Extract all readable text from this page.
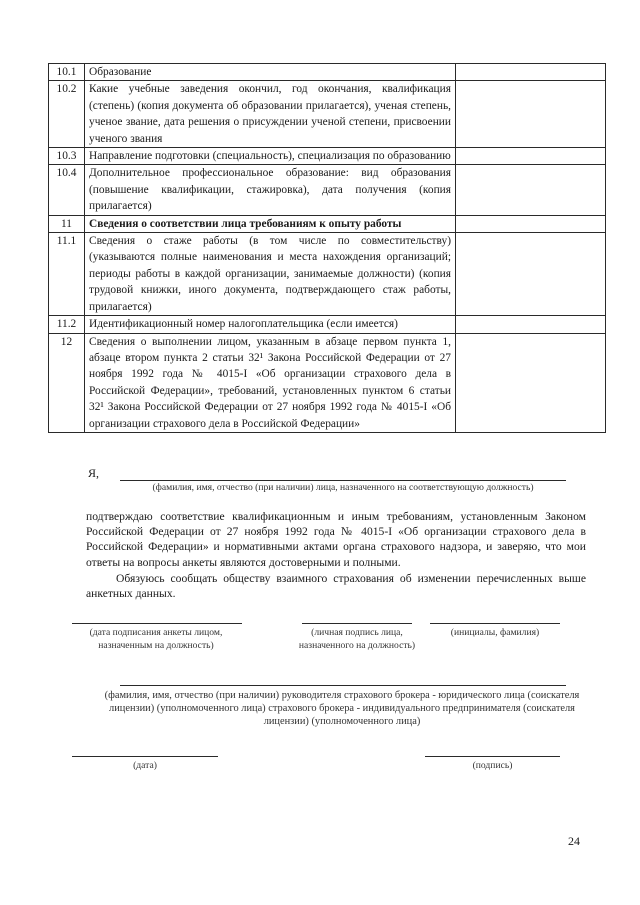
10.1	Образование	
10.2	Какие учебные заведения окончил, год окончания, квалификация (степень) (копия документа об образовании прилагается), ученая степень, ученое звание, дата решения о присуждении ученой степени, присвоении ученого звания	
10.3	Направление подготовки (специальность), специализация по образованию	
10.4	Дополнительное профессиональное образование: вид образования (повышение квалификации, стажировка), дата получения (копия прилагается)	
11	Сведения о соответствии лица требованиям к опыту работы	
11.1	Сведения о стаже работы (в том числе по совместительству) (указываются полные наименования и места нахождения организаций; периоды работы в каждой организации, занимаемые должности) (копия трудовой книжки, иного документа, подтверждающего стаж работы, прилагается)	
11.2	Идентификационный номер налогоплательщика (если имеется)	
12	Сведения о выполнении лицом, указанным в абзаце первом пункта 1, абзаце втором пункта 2 статьи 32¹ Закона Российской Федерации от 27 ноября 1992 года № 4015-I «Об организации страхового дела в Российской Федерации», требований, установленных пунктом 6 статьи 32¹ Закона Российской Федерации от 27 ноября 1992 года № 4015-I «Об организации страхового дела в Российской Федерации»	
Я,
(фамилия, имя, отчество (при наличии) лица, назначенного на соответствующую должность)
подтверждаю соответствие квалификационным и иным требованиям, установленным Законом Российской Федерации от 27 ноября 1992 года № 4015-I «Об организации страхового дела в Российской Федерации» и нормативными актами органа страхового надзора, и заверяю, что мои ответы на вопросы анкеты являются достоверными и полными.
Обязуюсь сообщать обществу взаимного страхования об изменении перечисленных выше анкетных данных.
(дата подписания анкеты лицом, назначенным на должность)
(личная подпись лица, назначенного на должность)
(инициалы, фамилия)
(фамилия, имя, отчество (при наличии) руководителя страхового брокера - юридического лица (соискателя лицензии) (уполномоченного лица) страхового брокера - индивидуального предпринимателя (соискателя лицензии) (уполномоченного лица)
(дата)	(подпись)
24
